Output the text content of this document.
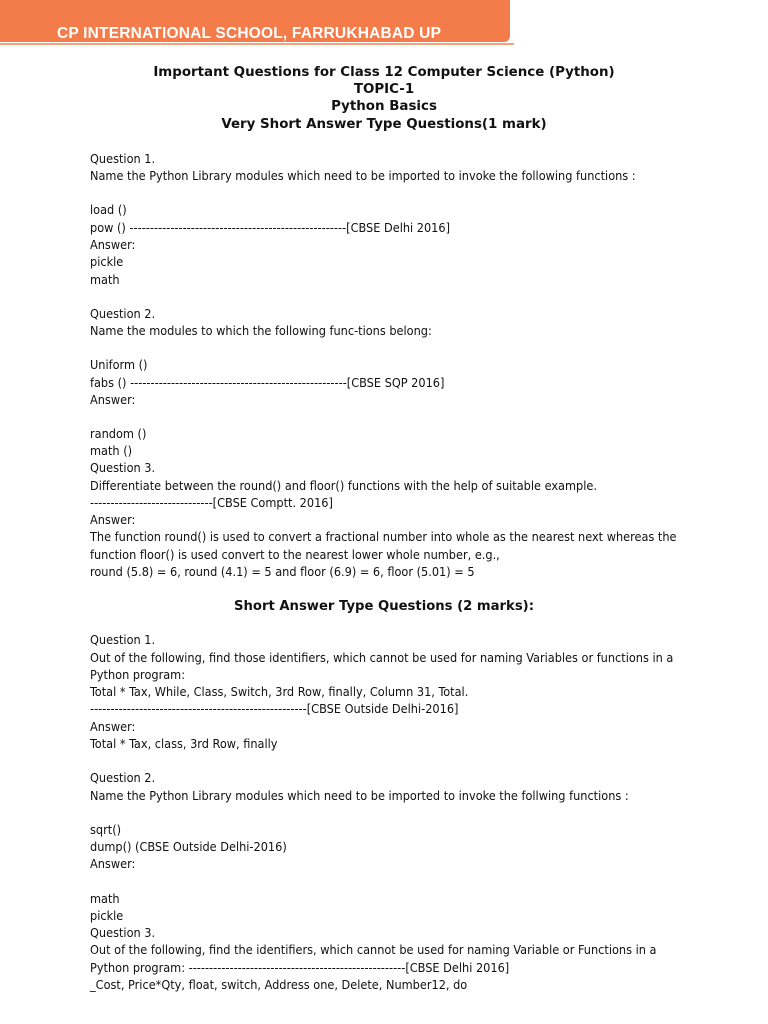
CP INTERNATIONAL SCHOOL, FARRUKHABAD UP
Important Questions for Class 12 Computer Science (Python)
TOPIC-1
Python Basics
Very Short Answer Type Questions(1 mark)
Question 1.
Name the Python Library modules which need to be imported to invoke the following functions :
load ()
pow () -----------------------------------------------------[CBSE Delhi 2016]
Answer:
pickle
math
Question 2.
Name the modules to which the following func-tions belong:
Uniform ()
fabs () -----------------------------------------------------[CBSE SQP 2016]
Answer:
random ()
math ()
Question 3.
Differentiate between the round() and floor() functions with the help of suitable example.
------------------------------[CBSE Comptt. 2016]
Answer:
The function round() is used to convert a fractional number into whole as the nearest next whereas the
function floor() is used convert to the nearest lower whole number, e.g.,
round (5.8) = 6, round (4.1) = 5 and floor (6.9) = 6, floor (5.01) = 5
Short Answer Type Questions (2 marks):
Question 1.
Out of the following, find those identifiers, which cannot be used for naming Variables or functions in a
Python program:
Total * Tax, While, Class, Switch, 3rd Row, finally, Column 31, Total.
-----------------------------------------------------[CBSE Outside Delhi-2016]
Answer:
Total * Tax, class, 3rd Row, finally
Question 2.
Name the Python Library modules which need to be imported to invoke the follwing functions :
sqrt()
dump() (CBSE Outside Delhi-2016)
Answer:
math
pickle
Question 3.
Out of the following, find the identifiers, which cannot be used for naming Variable or Functions in a
Python program: -----------------------------------------------------[CBSE Delhi 2016]
_Cost, Price*Qty, float, switch, Address one, Delete, Number12, do
